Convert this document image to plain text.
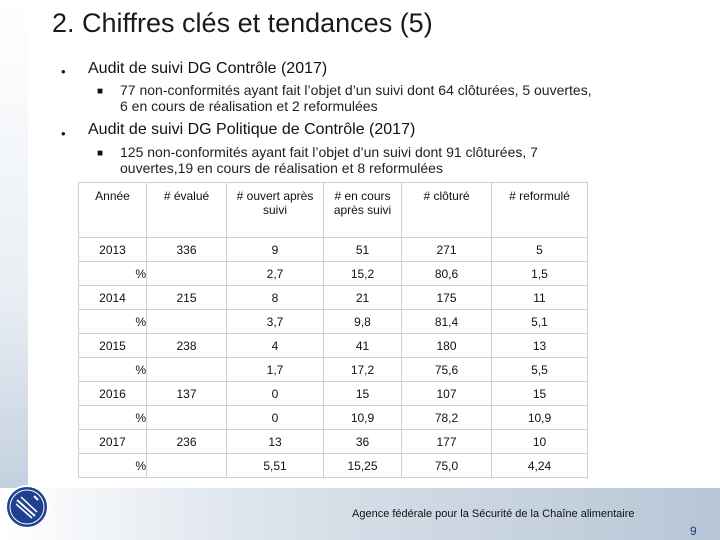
2. Chiffres clés et tendances (5)
• Audit de suivi DG Contrôle (2017)
■ 77 non-conformités ayant fait l’objet d’un suivi dont 64 clôturées, 5 ouvertes,
6 en cours de réalisation et 2 reformulées
• Audit de suivi DG Politique de Contrôle (2017)
■ 125 non-conformités ayant fait l’objet d’un suivi dont 91 clôturées, 7
ouvertes,19 en cours de réalisation et 8 reformulées
Année	# évalué	# ouvert après suivi	# en cours après suivi	# clôturé	# reformulé
2013	336	9	51	271	5
%		2,7	15,2	80,6	1,5
2014	215	8	21	175	11
%		3,7	9,8	81,4	5,1
2015	238	4	41	180	13
%		1,7	17,2	75,6	5,5
2016	137	0	15	107	15
%		0	10,9	78,2	10,9
2017	236	13	36	177	10
%		5,51	15,25	75,0	4,24
Agence fédérale pour la Sécurité de la Chaîne alimentaire
9
